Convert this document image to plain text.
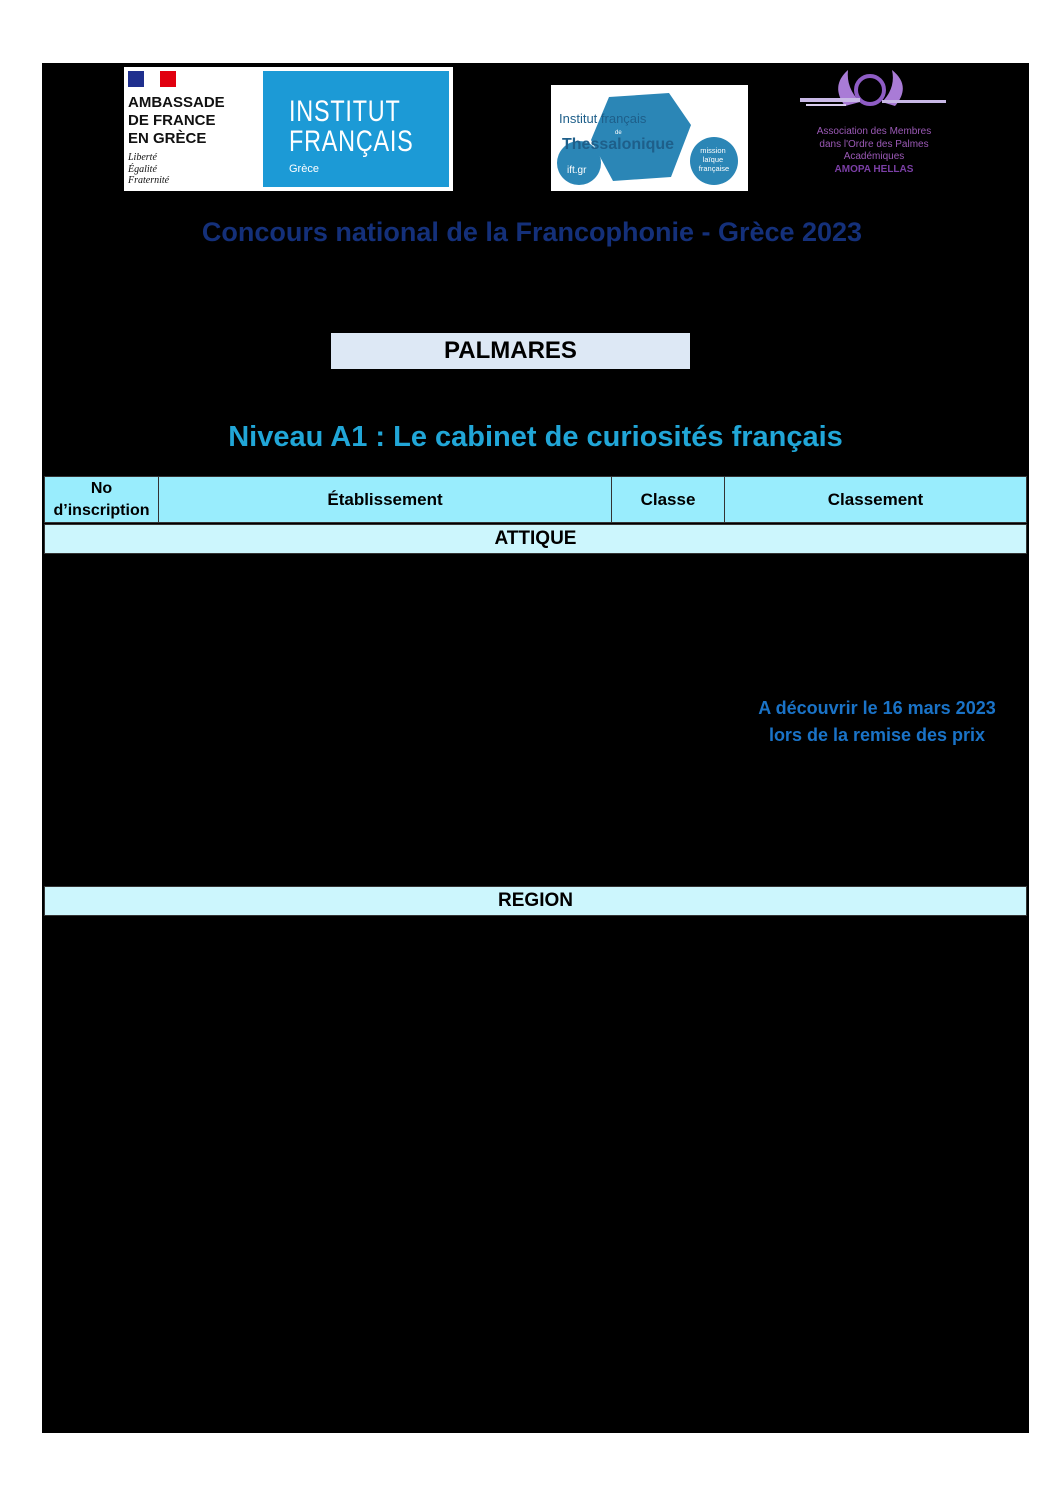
AMBASSADE
DE FRANCE
EN GRÈCE
Liberté
Égalité
Fraternité
INSTITUT
FRANÇAIS
Grèce
Institut français
de
Thessalonique
ift.gr
mission laïque française
Association des Membres
dans l'Ordre des Palmes
Académiques
AMOPA HELLAS
Concours national de la Francophonie - Grèce 2023
PALMARES
Niveau A1 : Le cabinet de curiosités français
No
d’inscription
Établissement	Classe	Classement
ATTIQUE
A découvrir le 16 mars 2023
lors de la remise des prix
REGION
